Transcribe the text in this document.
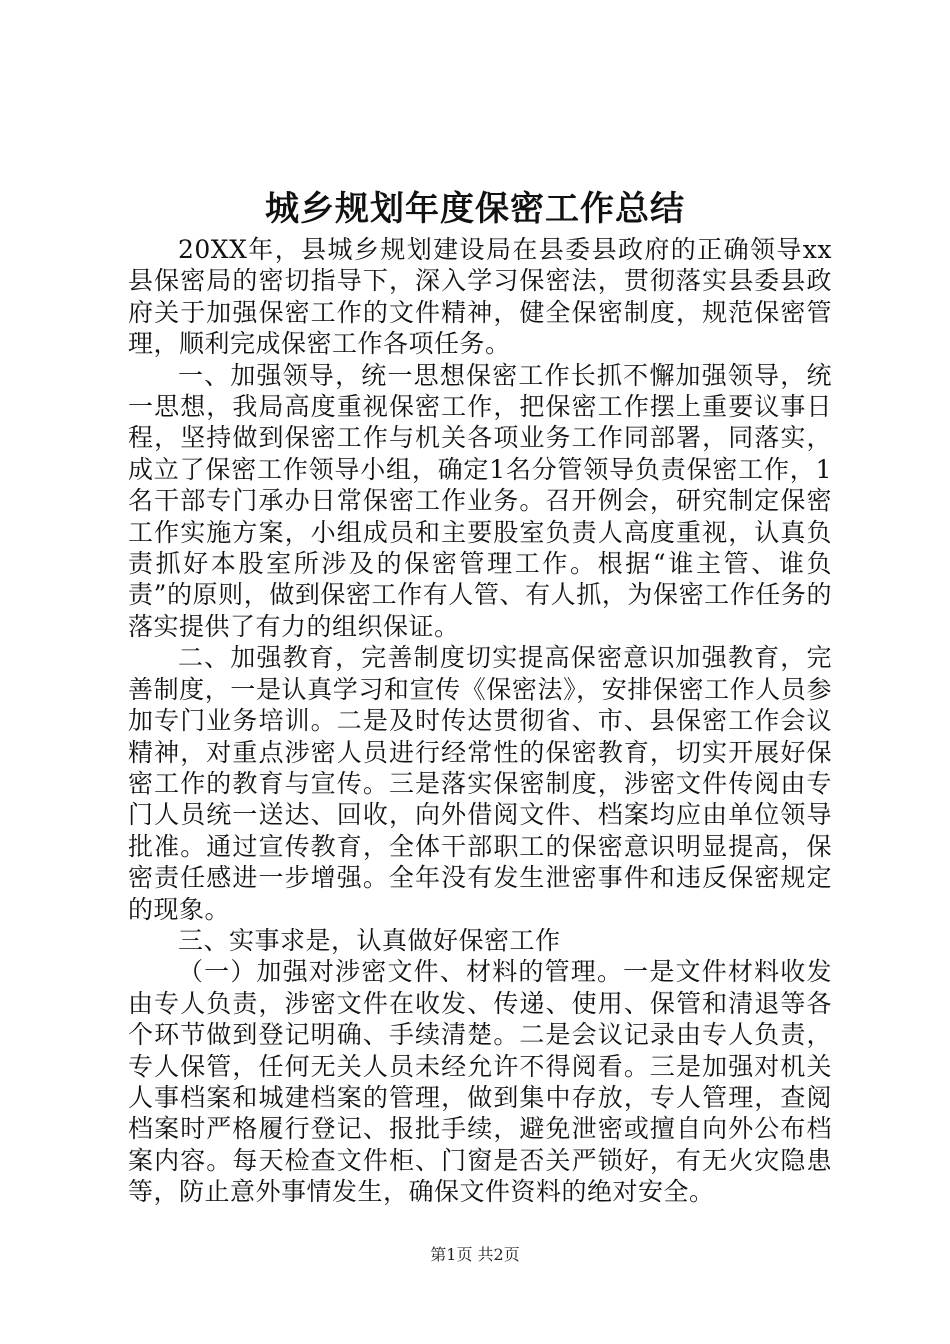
城乡规划年度保密工作总结

20XX年，县城乡规划建设局在县委县政府的正确领导xx县保密局的密切指导下，深入学习保密法，贯彻落实县委县政府关于加强保密工作的文件精神，健全保密制度，规范保密管理，顺利完成保密工作各项任务。

一、加强领导，统一思想保密工作长抓不懈加强领导，统一思想，我局高度重视保密工作，把保密工作摆上重要议事日程，坚持做到保密工作与机关各项业务工作同部署，同落实，成立了保密工作领导小组，确定1名分管领导负责保密工作，1名干部专门承办日常保密工作业务。召开例会，研究制定保密工作实施方案，小组成员和主要股室负责人高度重视，认真负责抓好本股室所涉及的保密管理工作。根据“谁主管、谁负责”的原则，做到保密工作有人管、有人抓，为保密工作任务的落实提供了有力的组织保证。

二、加强教育，完善制度切实提高保密意识加强教育，完善制度，一是认真学习和宣传《保密法》，安排保密工作人员参加专门业务培训。二是及时传达贯彻省、市、县保密工作会议精神，对重点涉密人员进行经常性的保密教育，切实开展好保密工作的教育与宣传。三是落实保密制度，涉密文件传阅由专门人员统一送达、回收，向外借阅文件、档案均应由单位领导批准。通过宣传教育，全体干部职工的保密意识明显提高，保密责任感进一步增强。全年没有发生泄密事件和违反保密规定的现象。

三、实事求是，认真做好保密工作

（一）加强对涉密文件、材料的管理。一是文件材料收发由专人负责，涉密文件在收发、传递、使用、保管和清退等各个环节做到登记明确、手续清楚。二是会议记录由专人负责，专人保管，任何无关人员未经允许不得阅看。三是加强对机关人事档案和城建档案的管理，做到集中存放，专人管理，查阅档案时严格履行登记、报批手续，避免泄密或擅自向外公布档案内容。每天检查文件柜、门窗是否关严锁好，有无火灾隐患等，防止意外事情发生，确保文件资料的绝对安全。

第1页 共2页
